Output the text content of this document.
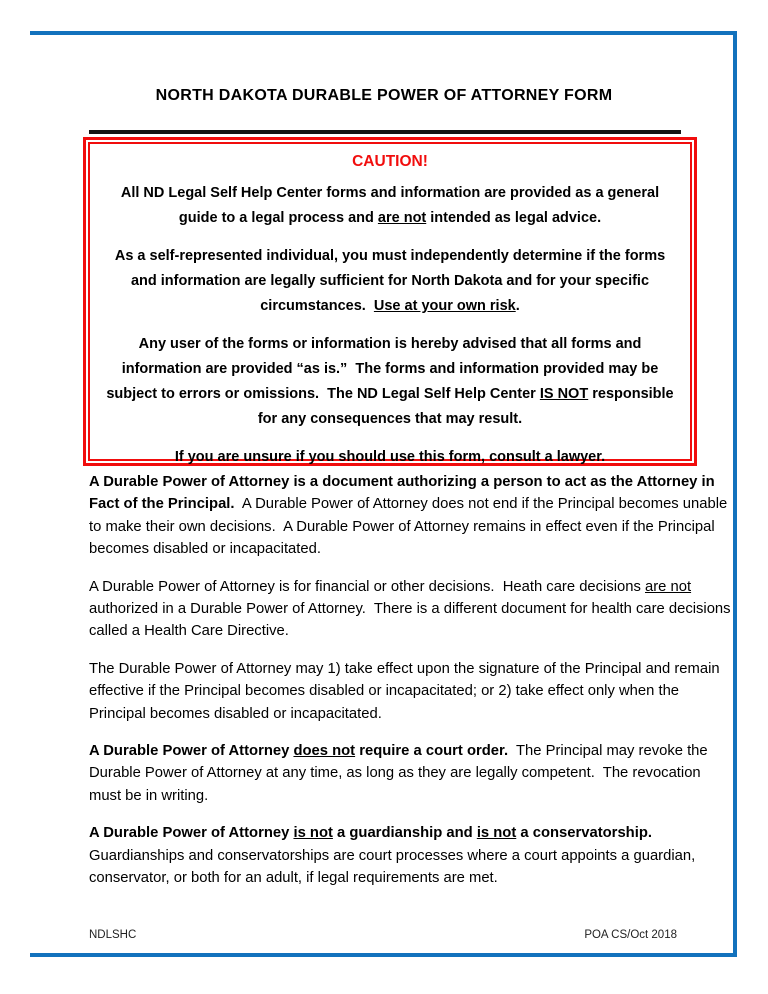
NORTH DAKOTA DURABLE POWER OF ATTORNEY FORM
CAUTION!

All ND Legal Self Help Center forms and information are provided as a general guide to a legal process and are not intended as legal advice.

As a self-represented individual, you must independently determine if the forms and information are legally sufficient for North Dakota and for your specific circumstances.  Use at your own risk.

Any user of the forms or information is hereby advised that all forms and information are provided “as is.”  The forms and information provided may be subject to errors or omissions.  The ND Legal Self Help Center IS NOT responsible for any consequences that may result.

If you are unsure if you should use this form, consult a lawyer.

A Durable Power of Attorney is a document authorizing a person to act as the Attorney in Fact of the Principal.  A Durable Power of Attorney does not end if the Principal becomes unable to make their own decisions.  A Durable Power of Attorney remains in effect even if the Principal becomes disabled or incapacitated.

A Durable Power of Attorney is for financial or other decisions.  Heath care decisions are not authorized in a Durable Power of Attorney.  There is a different document for health care decisions called a Health Care Directive.

The Durable Power of Attorney may 1) take effect upon the signature of the Principal and remain effective if the Principal becomes disabled or incapacitated; or 2) take effect only when the Principal becomes disabled or incapacitated.

A Durable Power of Attorney does not require a court order.  The Principal may revoke the Durable Power of Attorney at any time, as long as they are legally competent.  The revocation must be in writing.

A Durable Power of Attorney is not a guardianship and is not a conservatorship. Guardianships and conservatorships are court processes where a court appoints a guardian, conservator, or both for an adult, if legal requirements are met.

NDLSHC	POA CS/Oct 2018
